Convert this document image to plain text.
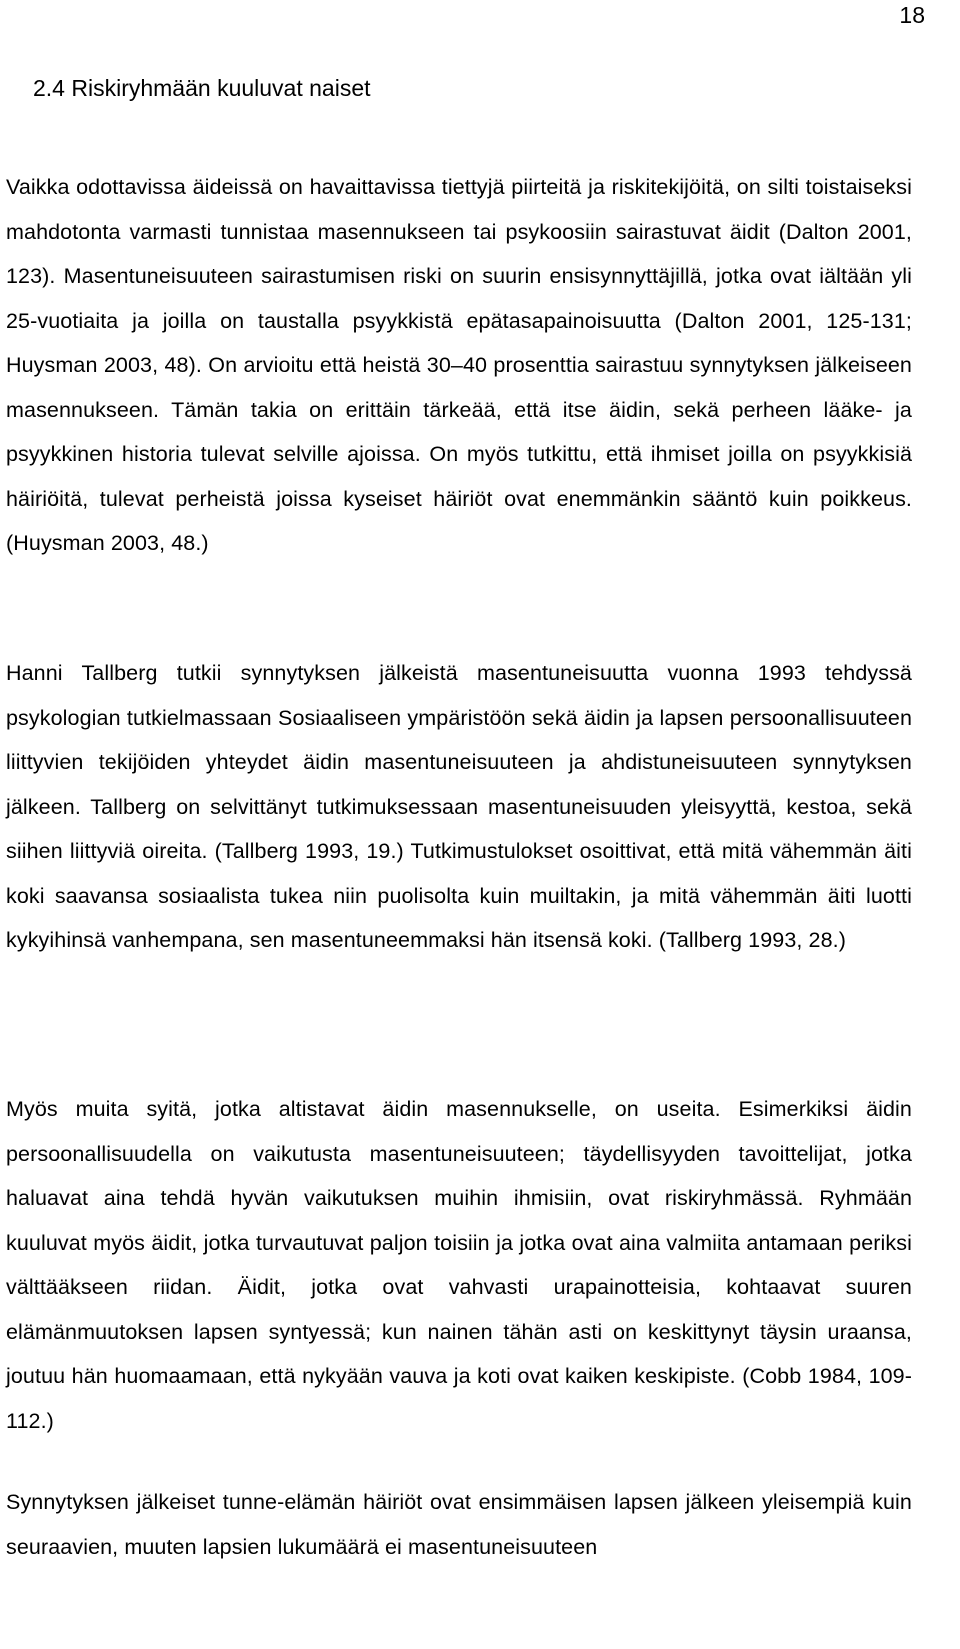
18
2.4 Riskiryhmään kuuluvat naiset

Vaikka odottavissa äideissä on havaittavissa tiettyjä piirteitä ja riskitekijöitä, on silti toistaiseksi mahdotonta varmasti tunnistaa masennukseen tai psykoosiin sairastuvat äidit (Dalton 2001, 123). Masentuneisuuteen sairastumisen riski on suurin ensisynnyttäjillä, jotka ovat iältään yli 25-vuotiaita ja joilla on taustalla psyykkistä epätasapainoisuutta (Dalton 2001, 125-131; Huysman 2003, 48). On arvioitu että heistä 30–40 prosenttia sairastuu synnytyksen jälkeiseen masennukseen. Tämän takia on erittäin tärkeää, että itse äidin, sekä perheen lääke- ja psyykkinen historia tulevat selville ajoissa. On myös tutkittu, että ihmiset joilla on psyykkisiä häiriöitä, tulevat perheistä joissa kyseiset häiriöt ovat enemmänkin sääntö kuin poikkeus. (Huysman 2003, 48.)

Hanni Tallberg tutkii synnytyksen jälkeistä masentuneisuutta vuonna 1993 tehdyssä psykologian tutkielmassaan Sosiaaliseen ympäristöön sekä äidin ja lapsen persoonallisuuteen liittyvien tekijöiden yhteydet äidin masentuneisuuteen ja ahdistuneisuuteen synnytyksen jälkeen. Tallberg on selvittänyt tutkimuksessaan masentuneisuuden yleisyyttä, kestoa, sekä siihen liittyviä oireita. (Tallberg 1993, 19.) Tutkimustulokset osoittivat, että mitä vähemmän äiti koki saavansa sosiaalista tukea niin puolisolta kuin muiltakin, ja mitä vähemmän äiti luotti kykyihinsä vanhempana, sen masentuneemmaksi hän itsensä koki. (Tallberg 1993, 28.)

Myös muita syitä, jotka altistavat äidin masennukselle, on useita. Esimerkiksi äidin persoonallisuudella on vaikutusta masentuneisuuteen; täydellisyyden tavoittelijat, jotka haluavat aina tehdä hyvän vaikutuksen muihin ihmisiin, ovat riskiryhmässä. Ryhmään kuuluvat myös äidit, jotka turvautuvat paljon toisiin ja jotka ovat aina valmiita antamaan periksi välttääkseen riidan. Äidit, jotka ovat vahvasti urapainotteisia, kohtaavat suuren elämänmuutoksen lapsen syntyessä; kun nainen tähän asti on keskittynyt täysin uraansa, joutuu hän huomaamaan, että nykyään vauva ja koti ovat kaiken keskipiste. (Cobb 1984, 109-112.)

Synnytyksen jälkeiset tunne-elämän häiriöt ovat ensimmäisen lapsen jälkeen yleisempiä kuin seuraavien, muuten lapsien lukumäärä ei masentuneisuuteen
